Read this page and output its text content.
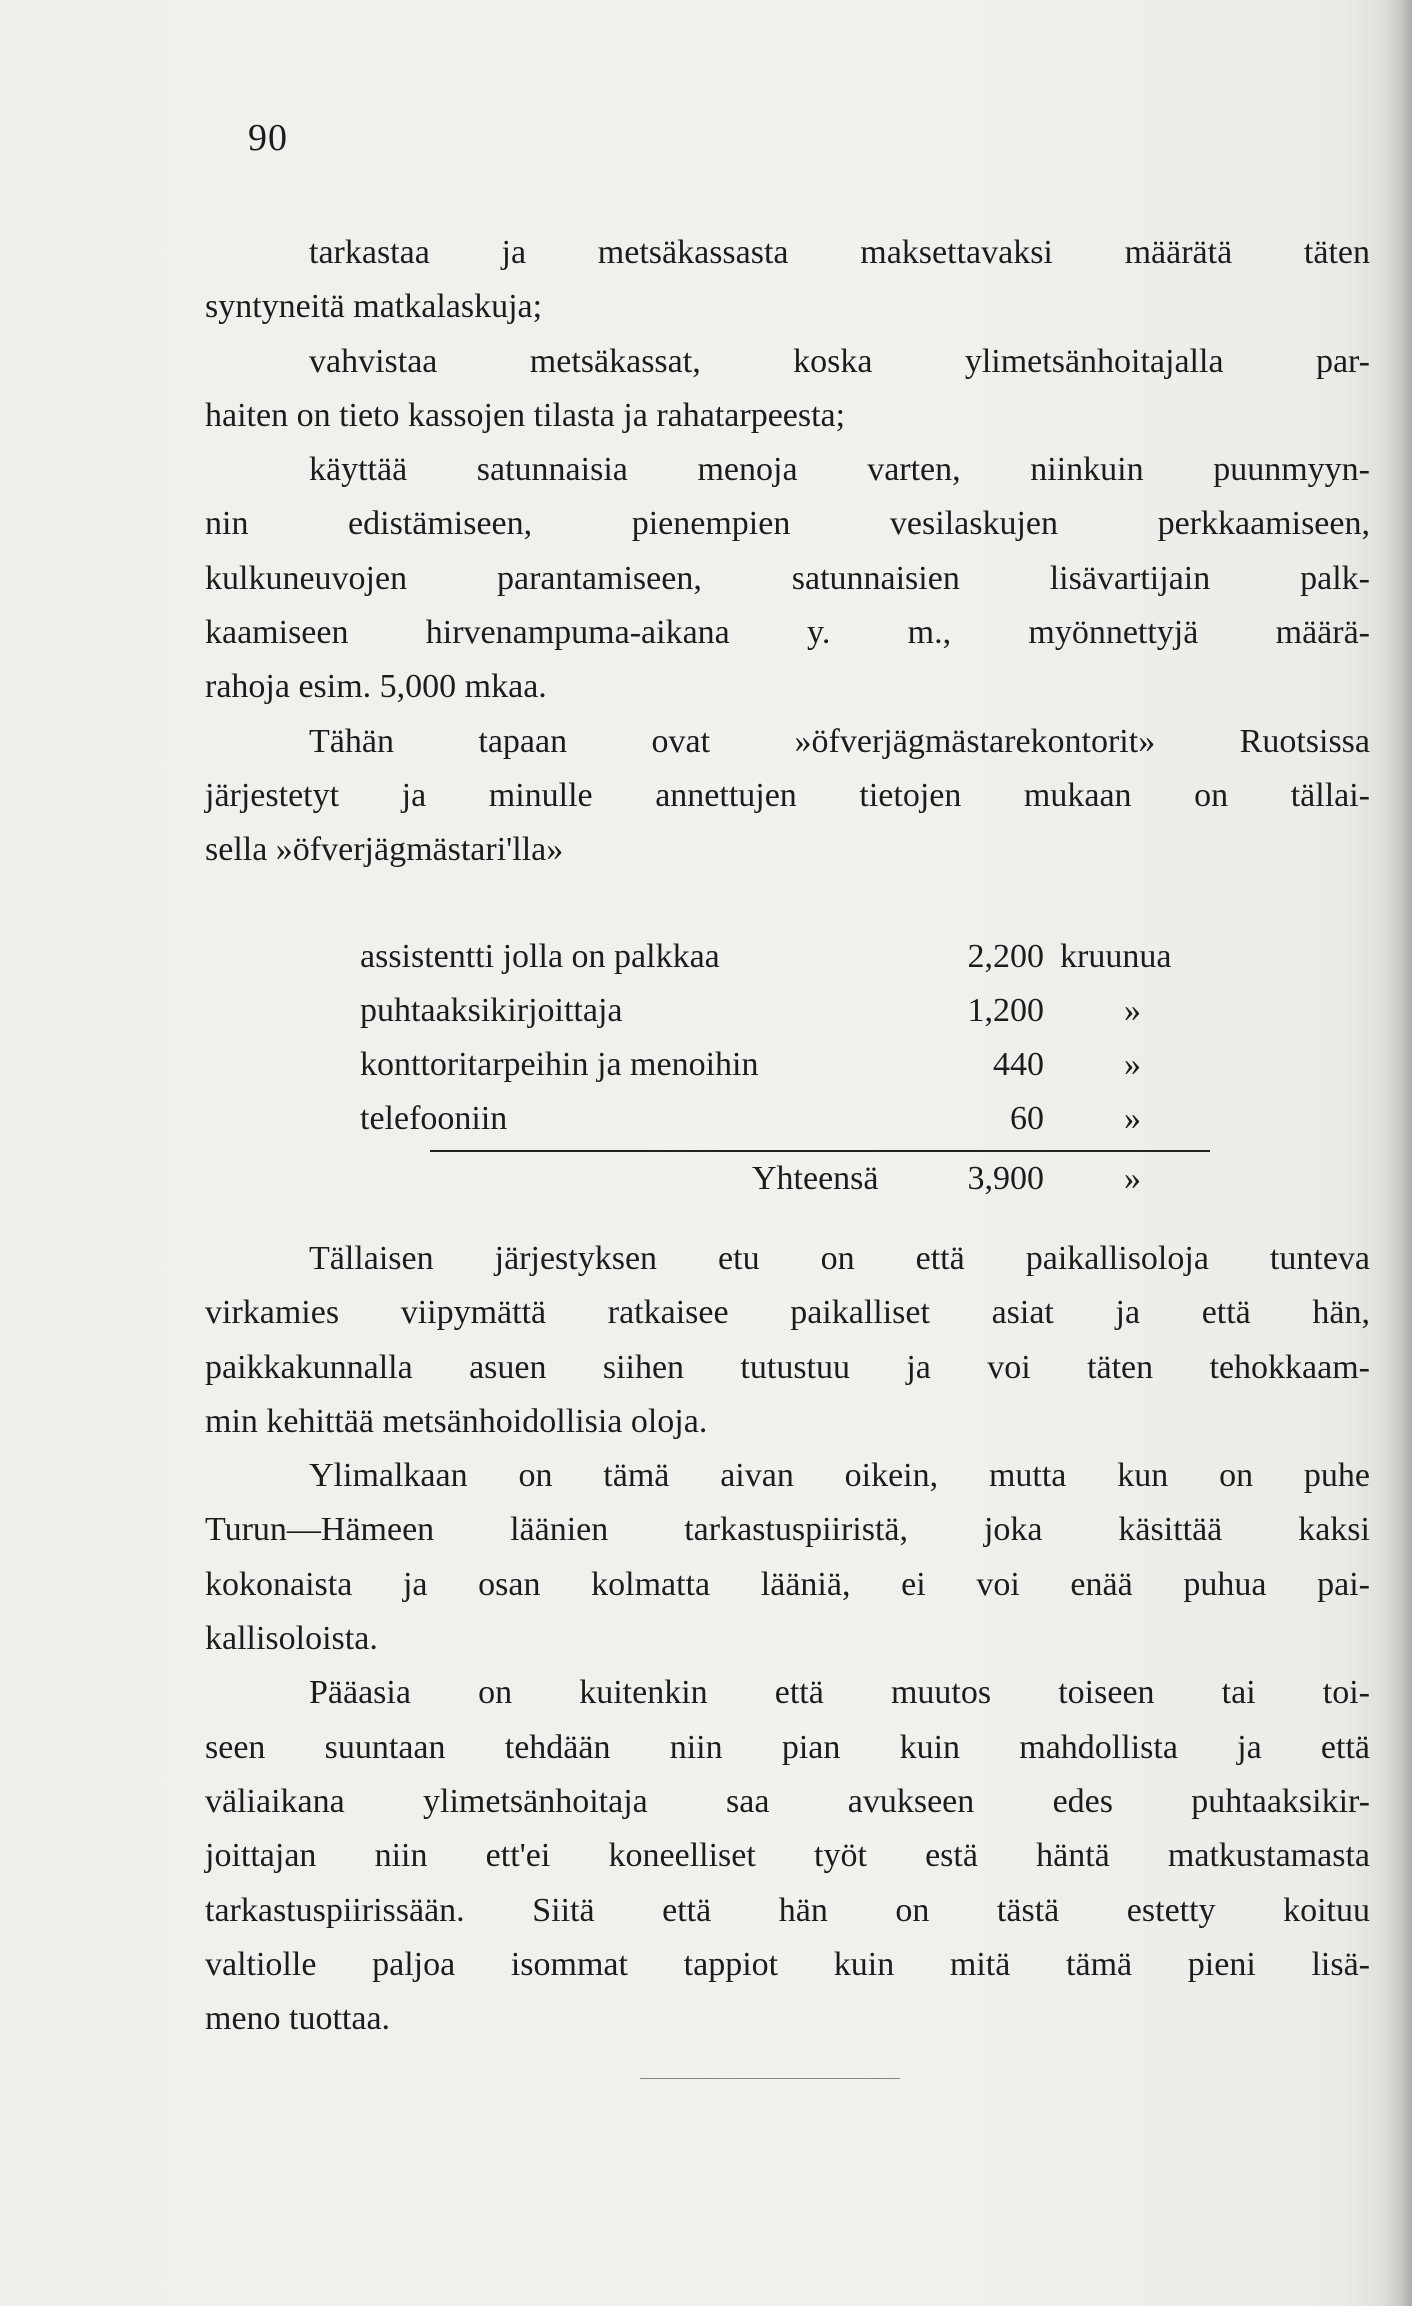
90
tarkastaa ja metsäkassasta maksettavaksi määrätä täten
syntyneitä matkalaskuja;
vahvistaa metsäkassat, koska ylimetsänhoitajalla par-
haiten on tieto kassojen tilasta ja rahatarpeesta;
käyttää satunnaisia menoja varten, niinkuin puunmyyn-
nin edistämiseen, pienempien vesilaskujen perkkaamiseen,
kulkuneuvojen parantamiseen, satunnaisien lisävartijain palk-
kaamiseen hirvenampuma-aikana y. m., myönnettyjä määrä-
rahoja esim. 5,000 mkaa.
Tähän tapaan ovat »öfverjägmästarekontorit» Ruotsissa
järjestetyt ja minulle annettujen tietojen mukaan on tällai-
sella »öfverjägmästari'lla»
assistentti jolla on palkkaa	2,200 kruunua
puhtaaksikirjoittaja	1,200 »
konttoritarpeihin ja menoihin	440 »
telefooniin	60 »
Yhteensä	3,900 »
Tällaisen järjestyksen etu on että paikallisoloja tunteva
virkamies viipymättä ratkaisee paikalliset asiat ja että hän,
paikkakunnalla asuen siihen tutustuu ja voi täten tehokkaam-
min kehittää metsänhoidollisia oloja.
Ylimalkaan on tämä aivan oikein, mutta kun on puhe
Turun—Hämeen läänien tarkastuspiiristä, joka käsittää kaksi
kokonaista ja osan kolmatta lääniä, ei voi enää puhua pai-
kallisoloista.
Pääasia on kuitenkin että muutos toiseen tai toi-
seen suuntaan tehdään niin pian kuin mahdollista ja että
väliaikana ylimetsänhoitaja saa avukseen edes puhtaaksikir-
joittajan niin ett'ei koneelliset työt estä häntä matkustamasta
tarkastuspiirissään. Siitä että hän on tästä estetty koituu
valtiolle paljoa isommat tappiot kuin mitä tämä pieni lisä-
meno tuottaa.
